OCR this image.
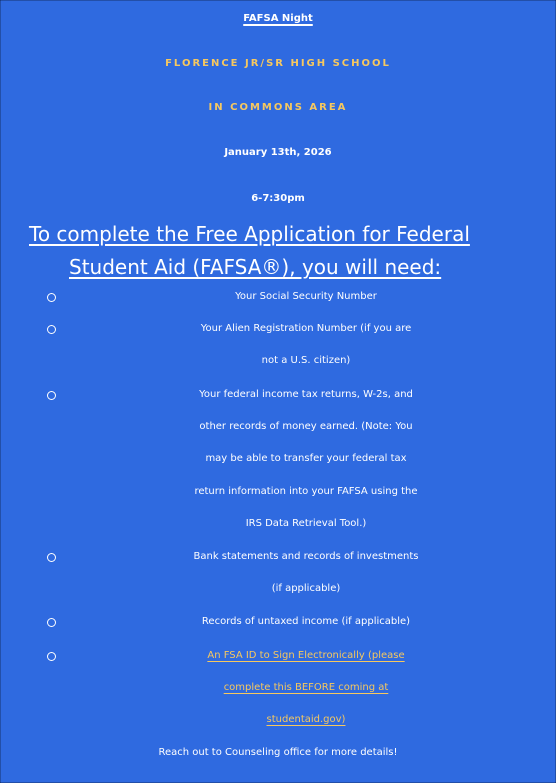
FAFSA Night
FLORENCE JR/SR HIGH SCHOOL
IN COMMONS AREA
January 13th, 2026
6-7:30pm
To complete the Free Application for Federal
Student Aid (FAFSA®), you will need:
Your Social Security Number
Your Alien Registration Number (if you are
not a U.S. citizen)
Your federal income tax returns, W-2s, and
other records of money earned. (Note: You
may be able to transfer your federal tax
return information into your FAFSA using the
IRS Data Retrieval Tool.)
Bank statements and records of investments
(if applicable)
Records of untaxed income (if applicable)
An FSA ID to Sign Electronically (please
complete this BEFORE coming at
studentaid.gov)
Reach out to Counseling office for more details!
